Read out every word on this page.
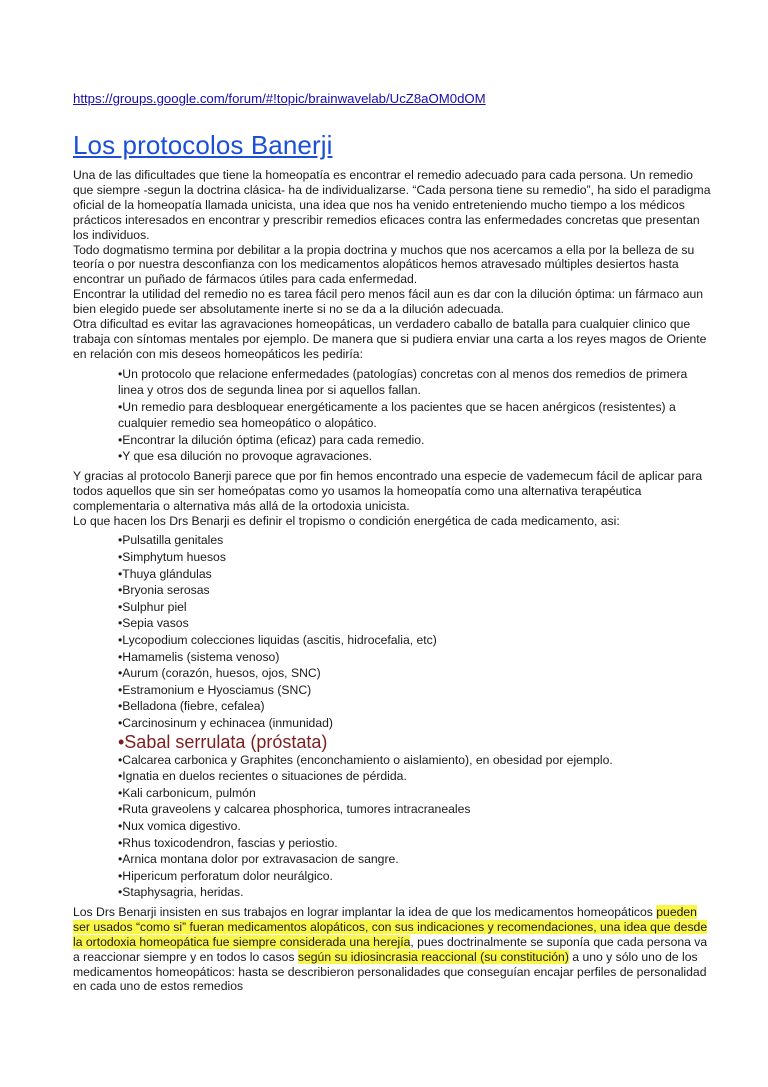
https://groups.google.com/forum/#!topic/brainwavelab/UcZ8aOM0dOM
Los protocolos Banerji

Una de las dificultades que tiene la homeopatía es encontrar el remedio adecuado para cada persona. Un remedio que siempre -segun la doctrina clásica- ha de individualizarse. “Cada persona tiene su remedio”, ha sido el paradigma oficial de la homeopatía llamada unicista, una idea que nos ha venido entreteniendo mucho tiempo a los médicos prácticos interesados en encontrar y prescribir remedios eficaces contra las enfermedades concretas que presentan los individuos.

Todo dogmatismo termina por debilitar a la propia doctrina y muchos que nos acercamos a ella por la belleza de su teoría o por nuestra desconfianza con los medicamentos alopáticos hemos atravesado múltiples desiertos hasta encontrar un puñado de fármacos útiles para cada enfermedad.

Encontrar la utilidad del remedio no es tarea fácil pero menos fácil aun es dar con la dilución óptima: un fármaco aun bien elegido puede ser absolutamente inerte si no se da a la dilución adecuada.

Otra dificultad es evitar las agravaciones homeopáticas, un verdadero caballo de batalla para cualquier clinico que trabaja con síntomas mentales por ejemplo. De manera que si pudiera enviar una carta a los reyes magos de Oriente en relación con mis deseos homeopáticos les pediría:

•Un protocolo que relacione enfermedades (patologías) concretas con al menos dos remedios de primera linea y otros dos de segunda linea por si aquellos fallan.
•Un remedio para desbloquear energéticamente a los pacientes que se hacen anérgicos (resistentes) a cualquier remedio sea homeopático o alopático.
•Encontrar la dilución óptima (eficaz) para cada remedio.
•Y que esa dilución no provoque agravaciones.

Y gracias al protocolo Banerji parece que por fin hemos encontrado una especie de vademecum fácil de aplicar para todos aquellos que sin ser homeópatas como yo usamos la homeopatía como una alternativa terapéutica complementaria o alternativa más allá de la ortodoxia unicista.

Lo que hacen los Drs Benarji es definir el tropismo o condición energética de cada medicamento, asi:

•Pulsatilla genitales
•Simphytum huesos
•Thuya glándulas
•Bryonia serosas
•Sulphur piel
•Sepia vasos
•Lycopodium colecciones liquidas (ascitis, hidrocefalia, etc)
•Hamamelis (sistema venoso)
•Aurum (corazón, huesos, ojos, SNC)
•Estramonium e Hyosciamus (SNC)
•Belladona (fiebre, cefalea)
•Carcinosinum y echinacea (inmunidad)
•Sabal serrulata (próstata)
•Calcarea carbonica y Graphites (enconchamiento o aislamiento), en obesidad por ejemplo.
•Ignatia en duelos recientes o situaciones de pérdida.
•Kali carbonicum, pulmón
•Ruta graveolens y calcarea phosphorica, tumores intracraneales
•Nux vomica digestivo.
•Rhus toxicodendron, fascias y periostio.
•Arnica montana dolor por extravasacion de sangre.
•Hipericum perforatum dolor neurálgico.
•Staphysagria, heridas.

Los Drs Benarji insisten en sus trabajos en lograr implantar la idea de que los medicamentos homeopáticos pueden ser usados “como si” fueran medicamentos alopáticos, con sus indicaciones y recomendaciones, una idea que desde la ortodoxia homeopática fue siempre considerada una herejía, pues doctrinalmente se suponía que cada persona va a reaccionar siempre y en todos lo casos según su idiosincrasia reaccional (su constitución) a uno y sólo uno de los medicamentos homeopáticos: hasta se describieron personalidades que conseguían encajar perfiles de personalidad en cada uno de estos remedios
